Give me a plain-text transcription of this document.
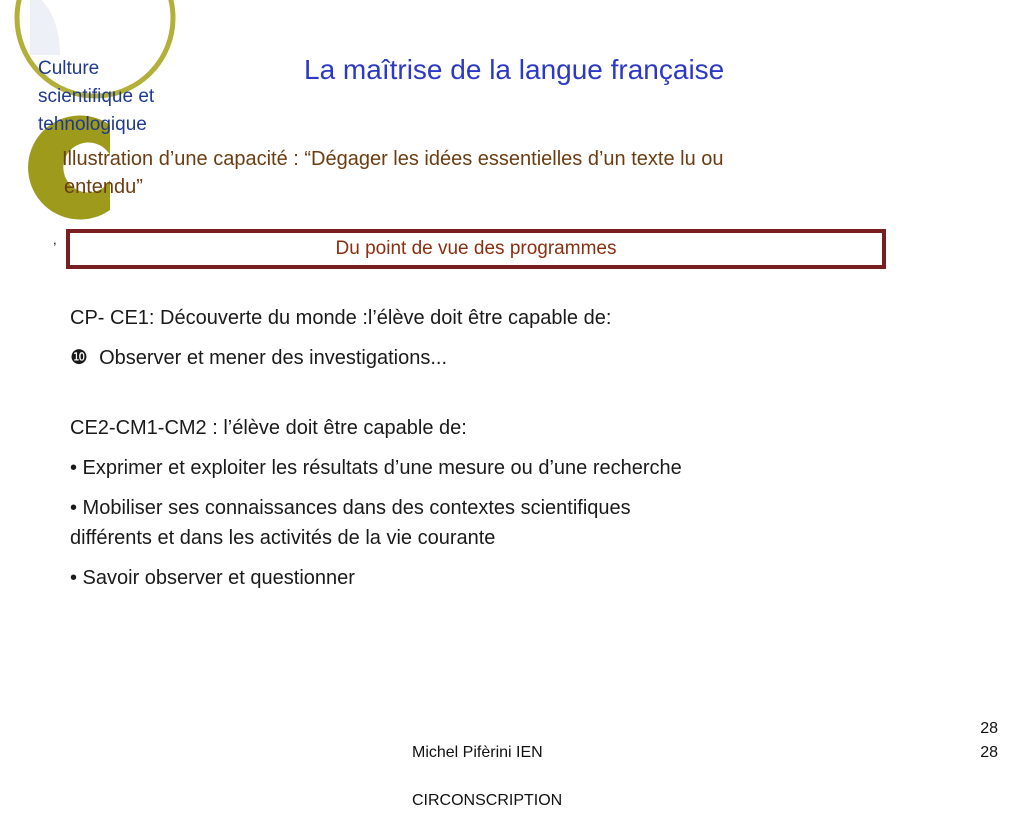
Culture
scientifique et
tehnologique
La maîtrise de la langue française
Illustration d’une capacité : “Dégager les idées essentielles d’un texte lu ou
entendu”
,	Du point de vue des programmes

CP- CE1: Découverte du monde :l’élève doit être capable de:

❿ Observer et mener des investigations...

CE2-CM1-CM2 : l’élève doit être capable de:

• Exprimer et exploiter les résultats d’une mesure ou d’une recherche

• Mobiliser ses connaissances dans des contextes scientifiques

différents et dans les activités de la vie courante

• Savoir observer et questionner

Michel Pifèrini IEN

CIRCONSCRIPTION

28
28
